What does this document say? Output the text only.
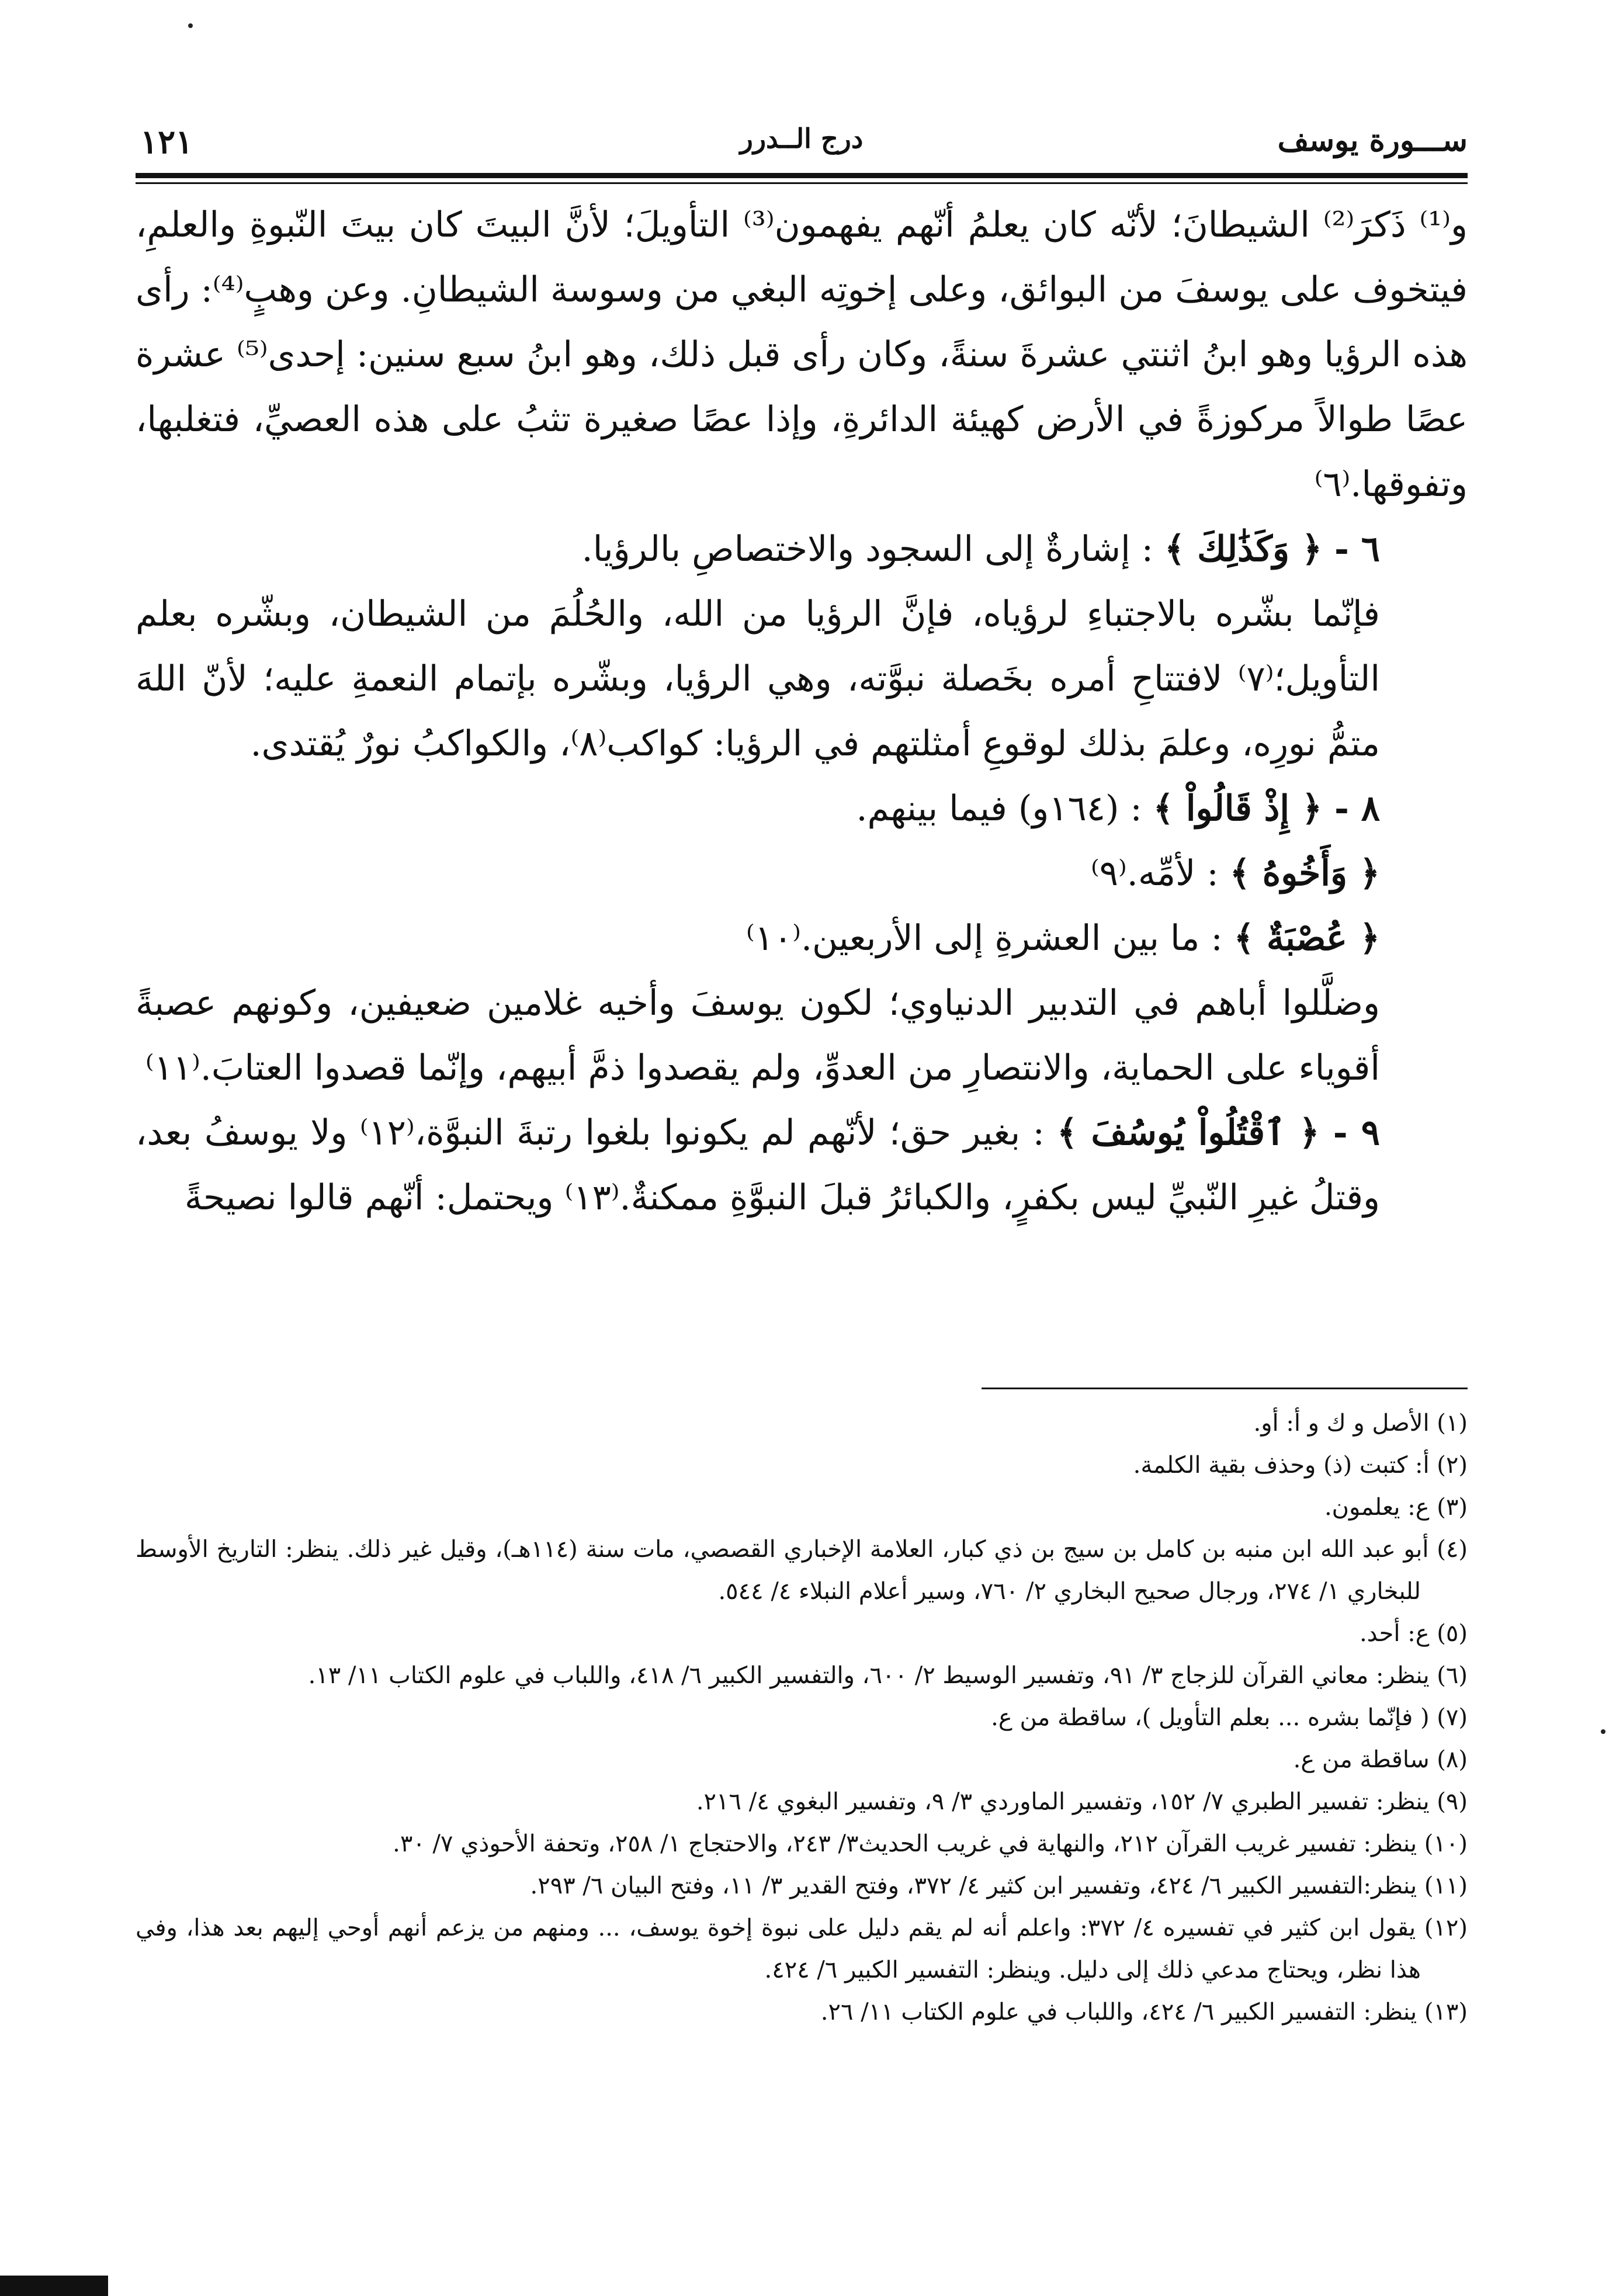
ســـورة يوسف
درج الــدرر
١٢١

و⁽¹⁾ ذَكرَ⁽²⁾ الشيطانَ؛ لأنّه كان يعلمُ أنّهم يفهمون⁽³⁾ التأويلَ؛ لأنَّ البيتَ كان بيتَ النّبوةِ والعلمِ، فيتخوف على يوسفَ من البوائق، وعلى إخوتِه البغي من وسوسة الشيطانِ. وعن وهبٍ⁽⁴⁾: رأى هذه الرؤيا وهو ابنُ اثنتي عشرةَ سنةً، وكان رأى قبل ذلك، وهو ابنُ سبع سنين: إحدى⁽⁵⁾ عشرة عصًا طوالاً مركوزةً في الأرض كهيئة الدائرةِ، وإذا عصًا صغيرة تثبُ على هذه العصيِّ، فتغلبها، وتفوقها.⁽٦⁾

٦ - ﴿ وَكَذَٰلِكَ ﴾ : إشارةٌ إلى السجود والاختصاصِ بالرؤيا.

فإنّما بشّره بالاجتباءِ لرؤياه، فإنَّ الرؤيا من الله، والحُلُمَ من الشيطان، وبشّره بعلم التأويل؛⁽٧⁾ لافتتاحِ أمره بخَصلة نبوَّته، وهي الرؤيا، وبشّره بإتمام النعمةِ عليه؛ لأنّ اللهَ متمُّ نورِه، وعلمَ بذلك لوقوعِ أمثلتهم في الرؤيا: كواكب⁽٨⁾، والكواكبُ نورٌ يُقتدى.

٨ - ﴿ إِذْ قَالُواْ ﴾ : (١٦٤و) فيما بينهم.

﴿ وَأَخُوهُ ﴾ : لأمِّه.⁽٩⁾

﴿ عُصْبَةٌ ﴾ : ما بين العشرةِ إلى الأربعين.⁽١٠⁾

وضلَّلوا أباهم في التدبير الدنياوي؛ لكون يوسفَ وأخيه غلامين ضعيفين، وكونهم عصبةً أقوياء على الحماية، والانتصارِ من العدوِّ، ولم يقصدوا ذمَّ أبيهم، وإنّما قصدوا العتابَ.⁽١١⁾

٩ - ﴿ ٱقْتُلُواْ يُوسُفَ ﴾ : بغير حق؛ لأنّهم لم يكونوا بلغوا رتبةَ النبوَّة،⁽١٢⁾ ولا يوسفُ بعد، وقتلُ غيرِ النّبيِّ ليس بكفرٍ، والكبائرُ قبلَ النبوَّةِ ممكنةٌ.⁽١٣⁾ ويحتمل: أنّهم قالوا نصيحةً

(١) الأصل و ك و أ: أو.

(٢) أ: كتبت (ذ) وحذف بقية الكلمة.

(٣) ع: يعلمون.

(٤) أبو عبد الله ابن منبه بن كامل بن سيج بن ذي كبار، العلامة الإخباري القصصي، مات سنة (١١٤هـ)، وقيل غير ذلك. ينظر: التاريخ الأوسط للبخاري ١/ ٢٧٤، ورجال صحيح البخاري ٢/ ٧٦٠، وسير أعلام النبلاء ٤/ ٥٤٤.

(٥) ع: أحد.

(٦) ينظر: معاني القرآن للزجاج ٣/ ٩١، وتفسير الوسيط ٢/ ٦٠٠، والتفسير الكبير ٦/ ٤١٨، واللباب في علوم الكتاب ١١/ ١٣.

(٧) ( فإنّما بشره ... بعلم التأويل )، ساقطة من ع.

(٨) ساقطة من ع.

(٩) ينظر: تفسير الطبري ٧/ ١٥٢، وتفسير الماوردي ٣/ ٩، وتفسير البغوي ٤/ ٢١٦.

(١٠) ينظر: تفسير غريب القرآن ٢١٢، والنهاية في غريب الحديث٣/ ٢٤٣، والاحتجاج ١/ ٢٥٨، وتحفة الأحوذي ٧/ ٣٠.

(١١) ينظر:التفسير الكبير ٦/ ٤٢٤، وتفسير ابن كثير ٤/ ٣٧٢، وفتح القدير ٣/ ١١، وفتح البيان ٦/ ٢٩٣.

(١٢) يقول ابن كثير في تفسيره ٤/ ٣٧٢: واعلم أنه لم يقم دليل على نبوة إخوة يوسف، ... ومنهم من يزعم أنهم أوحي إليهم بعد هذا، وفي هذا نظر، ويحتاج مدعي ذلك إلى دليل. وينظر: التفسير الكبير ٦/ ٤٢٤.

(١٣) ينظر: التفسير الكبير ٦/ ٤٢٤، واللباب في علوم الكتاب ١١/ ٢٦.
